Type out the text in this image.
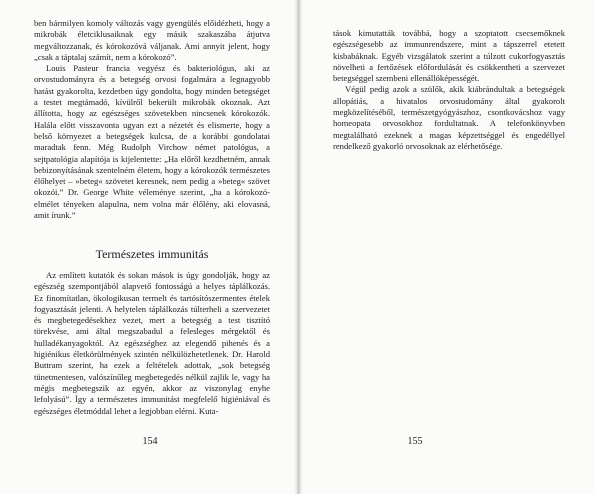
ben bármilyen komoly változás vagy gyengülés előidézheti, hogy a mikrobák életciklusaiknak egy másik szakaszába átjutva megváltozzanak, és kórokozóvá váljanak. Ami annyit jelent, hogy „csak a táptalaj számít, nem a kórokozó”.

Louis Pasteur francia vegyész és bakteriológus, aki az orvostudományra és a betegség orvosi fogalmára a legnagyobb hatást gyakorolta, kezdetben úgy gondolta, hogy minden betegséget a testet megtámadó, kívülről bekerült mikrobák okoznak. Azt állította, hogy az egészséges szövetekben nincsenek kórokozók. Halála előtt visszavonta ugyan ezt a nézetét és elismerte, hogy a belső környezet a betegségek kulcsa, de a korábbi gondolatai maradtak fenn. Még Rudolph Virchow német patológus, a sejtpatológia alapítója is kijelentette: „Ha előről kezdhetném, annak bebizonyításának szentelném életem, hogy a kórokozók természetes élőhelyet – »beteg« szövetet keresnek, nem pedig a »beteg« szövet okozói.” Dr. George White véleménye szerint, „ha a kórokozó-elmélet tényeken alapulna, nem volna már élőlény, aki elovasná, amit írunk.”

Természetes immunitás

Az említett kutatók és sokan mások is úgy gondolják, hogy az egészség szempontjából alapvető fontosságú a helyes táplálkozás. Ez finomítatlan, ökologikusan termelt és tartósítószermentes ételek fogyasztását jelenti. A helytelen táplálkozás túlterheli a szervezetet és megbetegedésekhez vezet, mert a betegség a test tisztító törekvése, ami által megszabadul a felesleges mérgektől és hulladékanyagoktól. Az egészséghez az elegendő pihenés és a higiénikus életkörülmények szintén nélkülözhetetlenek. Dr. Harold Buttram szerint, ha ezek a feltételek adottak, „sok betegség tünetmentesen, valószínűleg megbetegedés nélkül zajlik le, vagy ha mégis megbetegszik az egyén, akkor az viszonylag enyhe lefolyású”. Így a természetes immunitást megfelelő higiéniával és egészséges életmóddal lehet a legjobban elérni. Kuta-

154

tások kimutatták továbbá, hogy a szoptatott csecsemőknek egészségesebb az immunrendszere, mint a tápszerrel etetett kisbabáknak. Egyéb vizsgálatok szerint a túlzott cukorfogyasztás növelheti a fertőzések előfordulását és csökkentheti a szervezet betegséggel szembeni ellenállóképességét.

Végül pedig azok a szülők, akik kiábrándultak a betegségek allopátiás, a hivatalos orvostudomány által gyakorolt megközelítéséből, természetgyógyászhoz, csontkovácshoz vagy homeopata orvosokhoz fordultatnak. A telefonkönyvben megtalálható ezeknek a magas képzettséggel és engedéllyel rendelkező gyakorló orvosoknak az elérhetősége.

155
